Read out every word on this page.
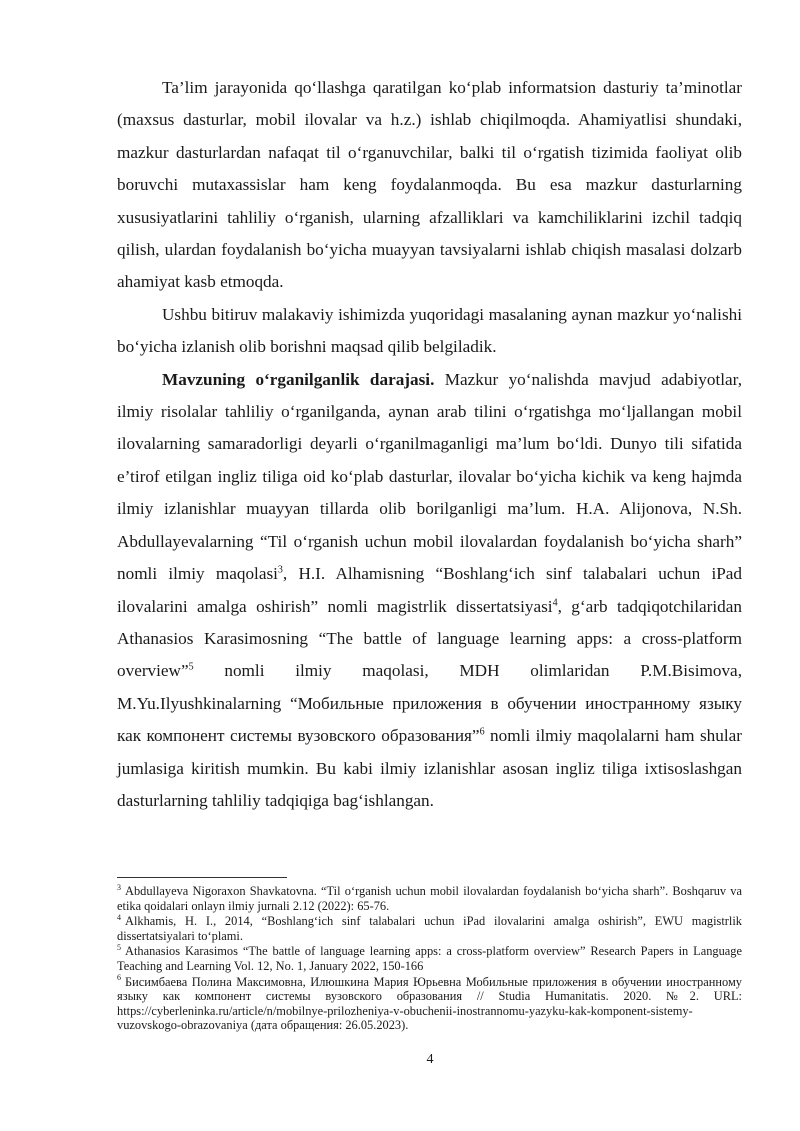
Ta’lim jarayonida qo‘llashga qaratilgan ko‘plab informatsion dasturiy ta’minotlar (maxsus dasturlar, mobil ilovalar va h.z.) ishlab chiqilmoqda. Ahamiyatlisi shundaki, mazkur dasturlardan nafaqat til o‘rganuvchilar, balki til o‘rgatish tizimida faoliyat olib boruvchi mutaxassislar ham keng foydalanmoqda. Bu esa mazkur dasturlarning xususiyatlarini tahliliy o‘rganish, ularning afzalliklari va kamchiliklarini izchil tadqiq qilish, ulardan foydalanish bo‘yicha muayyan tavsiyalarni ishlab chiqish masalasi dolzarb ahamiyat kasb etmoqda.

Ushbu bitiruv malakaviy ishimizda yuqoridagi masalaning aynan mazkur yo‘nalishi bo‘yicha izlanish olib borishni maqsad qilib belgiladik.

Mavzuning o‘rganilganlik darajasi. Mazkur yo‘nalishda mavjud adabiyotlar, ilmiy risolalar tahliliy o‘rganilganda, aynan arab tilini o‘rgatishga mo‘ljallangan mobil ilovalarning samaradorligi deyarli o‘rganilmaganligi ma’lum bo‘ldi. Dunyo tili sifatida e’tirof etilgan ingliz tiliga oid ko‘plab dasturlar, ilovalar bo‘yicha kichik va keng hajmda ilmiy izlanishlar muayyan tillarda olib borilganligi ma’lum. H.A. Alijonova, N.Sh. Abdullayevalarning “Til o‘rganish uchun mobil ilovalardan foydalanish bo‘yicha sharh” nomli ilmiy maqolasi$^3$, H.I. Alhamisning “Boshlang‘ich sinf talabalari uchun iPad ilovalarini amalga oshirish” nomli magistrlik dissertatsiyasi$^4$, g‘arb tadqiqotchilaridan Athanasios Karasimosning “The battle of language learning apps: a cross-platform overview”$^5$ nomli ilmiy maqolasi, MDH olimlaridan P.M.Bisimova, M.Yu.Ilyushkinalarning “Мобильные приложения в обучении иностранному языку как компонент системы вузовского образования”$^6$ nomli ilmiy maqolalarni ham shular jumlasiga kiritish mumkin. Bu kabi ilmiy izlanishlar asosan ingliz tiliga ixtisoslashgan dasturlarning tahliliy tadqiqiga bag‘ishlangan.

$^3$ Abdullayeva Nigoraxon Shavkatovna. “Til o‘rganish uchun mobil ilovalardan foydalanish bo‘yicha sharh”. Boshqaruv va etika qoidalari onlayn ilmiy jurnali 2.12 (2022): 65-76.

$^4$ Alkhamis, H. I., 2014, “Boshlang‘ich sinf talabalari uchun iPad ilovalarini amalga oshirish”, EWU magistrlik dissertatsiyalari to‘plami.

$^5$ Athanasios Karasimos “The battle of language learning apps: a cross-platform overview” Research Papers in Language Teaching and Learning Vol. 12, No. 1, January 2022, 150-166

$^6$ Бисимбаева Полина Максимовна, Илюшкина Мария Юрьевна Мобильные приложения в обучении иностранному языку как компонент системы вузовского образования // Studia Humanitatis. 2020. №2. URL: https://cyberleninka.ru/article/n/mobilnye-prilozheniya-v-obuchenii-inostrannomu-yazyku-kak-komponent-sistemy-vuzovskogo-obrazovaniya (дата обращения: 26.05.2023).

4
